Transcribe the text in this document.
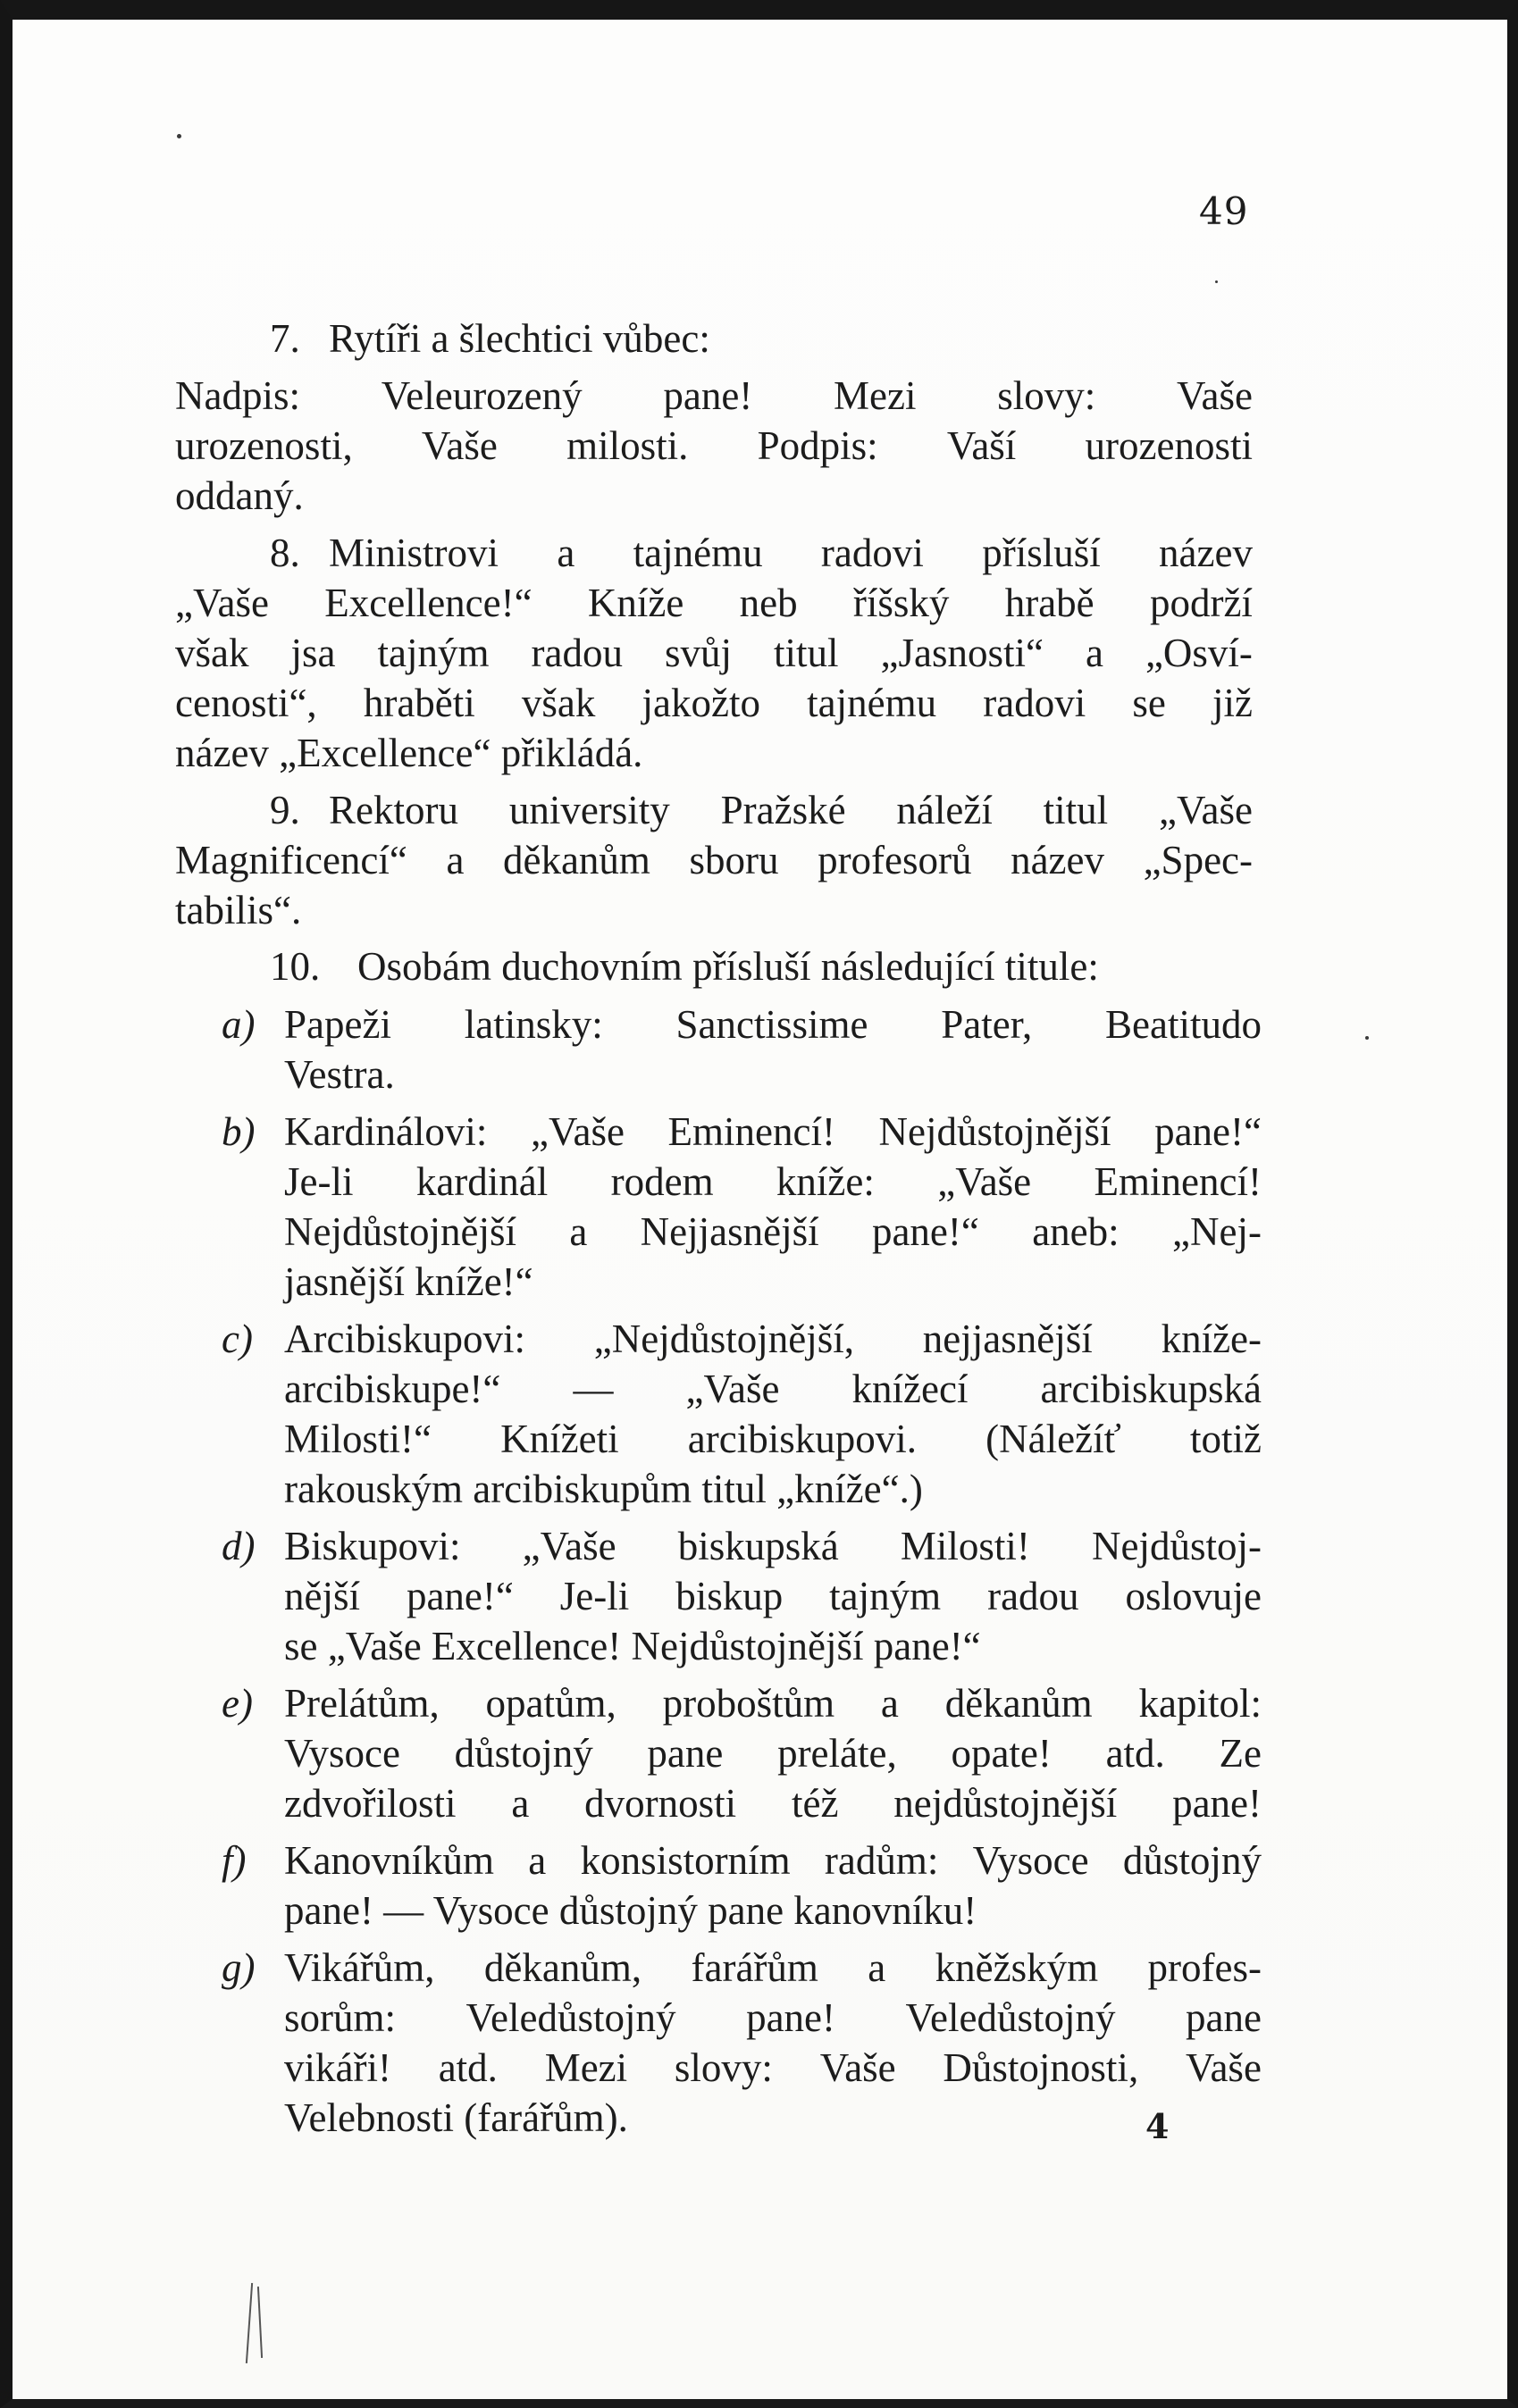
49
7. Rytíři a šlechtici vůbec:
Nadpis: Veleurozený pane! Mezi slovy: Vaše
urozenosti, Vaše milosti. Podpis: Vaší urozenosti
oddaný.
8. Ministrovi a tajnému radovi přísluší název
„Vaše Excellence!“ Kníže neb říšský hrabě podrží
však jsa tajným radou svůj titul „Jasnosti“ a „Osví-
cenosti“, hraběti však jakožto tajnému radovi se již
název „Excellence“ přikládá.
9. Rektoru university Pražské náleží titul „Vaše
Magnificencí“ a děkanům sboru profesorů název „Spec-
tabilis“.
10. Osobám duchovním přísluší následující titule:
a) Papeži latinsky: Sanctissime Pater, Beatitudo
Vestra.
b) Kardinálovi: „Vaše Eminencí! Nejdůstojnější pane!“
Je-li kardinál rodem kníže: „Vaše Eminencí!
Nejdůstojnější a Nejjasnější pane!“ aneb: „Nej-
jasnější kníže!“
c) Arcibiskupovi: „Nejdůstojnější, nejjasnější kníže-
arcibiskupe!“ — „Vaše knížecí arcibiskupská
Milosti!“ Knížeti arcibiskupovi. (Náležíť totiž
rakouským arcibiskupům titul „kníže“.)
d) Biskupovi: „Vaše biskupská Milosti! Nejdůstoj-
nější pane!“ Je-li biskup tajným radou oslovuje
se „Vaše Excellence! Nejdůstojnější pane!“
e) Prelátům, opatům, proboštům a děkanům kapitol:
Vysoce důstojný pane preláte, opate! atd. Ze
zdvořilosti a dvornosti též nejdůstojnější pane!
f) Kanovníkům a konsistorním radům: Vysoce důstojný
pane! — Vysoce důstojný pane kanovníku!
g) Vikářům, děkanům, farářům a kněžským profes-
sorům: Veledůstojný pane! Veledůstojný pane
vikáři! atd. Mezi slovy: Vaše Důstojnosti, Vaše
Velebnosti (farářům).	4
